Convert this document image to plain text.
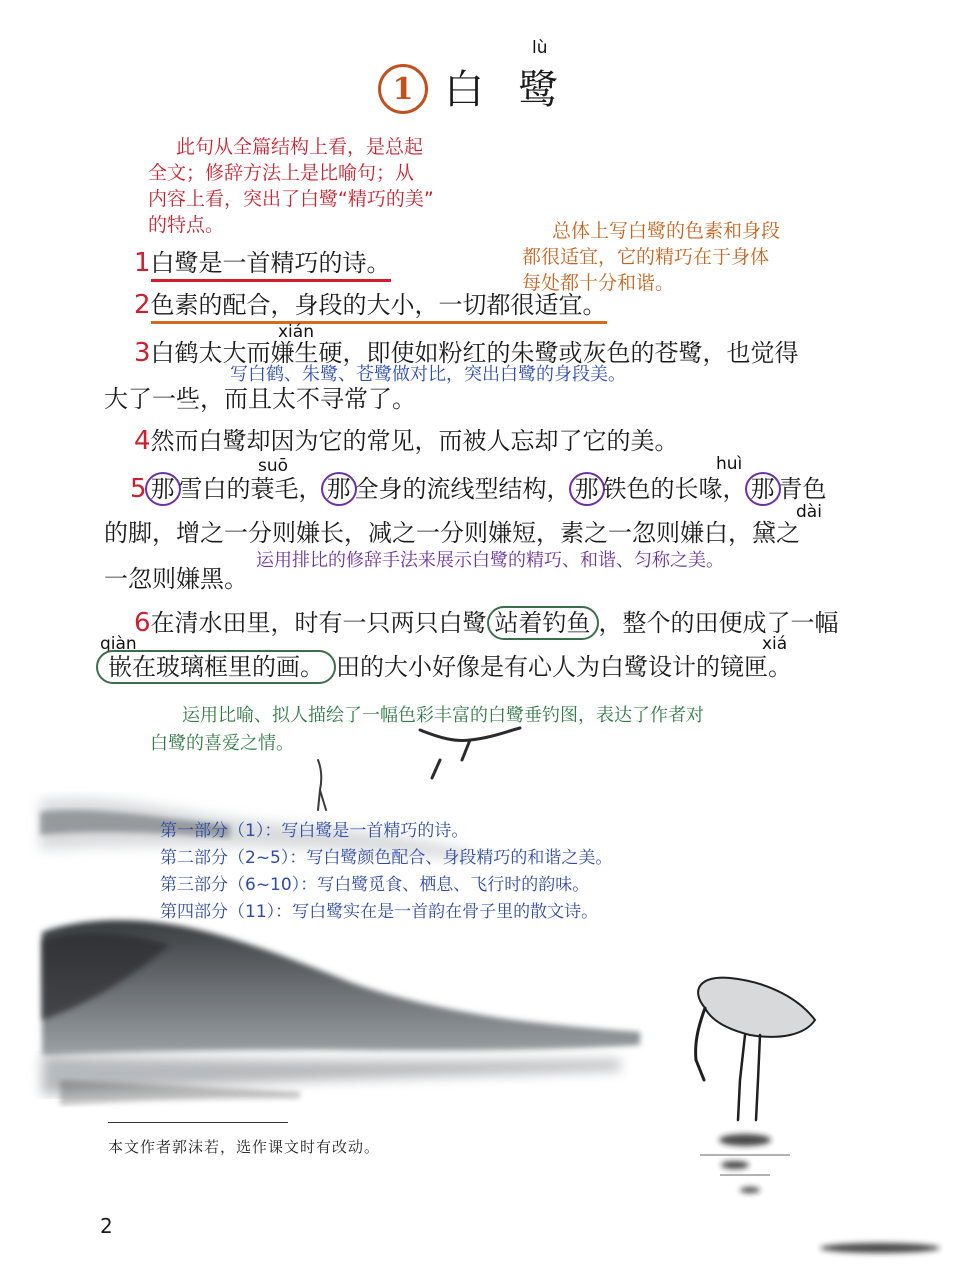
1
lù
白鹭
此句从全篇结构上看，是总起
全文；修辞方法上是比喻句；从
内容上看，突出了白鹭“精巧的美”
的特点。	总体上写白鹭的色素和身段
都很适宜，它的精巧在于身体
每处都十分和谐。
1白鹭是一首精巧的诗。
2色素的配合，身段的大小，一切都很适宜。
xián
3白鹤太大而嫌生硬，即使如粉红的朱鹭或灰色的苍鹭，也觉得
写白鹤、朱鹭、苍鹭做对比，突出白鹭的身段美。
大了一些，而且太不寻常了。
4然而白鹭却因为它的常见，而被人忘却了它的美。
suō	huì
5 那 雪白的蓑毛， 那 全身的流线型结构， 那 铁色的长喙， 那 青色
dài
的脚，增之一分则嫌长，减之一分则嫌短，素之一忽则嫌白，黛之
运用排比的修辞手法来展示白鹭的精巧、和谐、匀称之美。
一忽则嫌黑。
6在清水田里，时有一只两只白鹭 站着钓鱼 ，整个的田便成了一幅
qiàn	xiá
嵌在玻璃框里的画。 田的大小好像是有心人为白鹭设计的镜匣。
运用比喻、拟人描绘了一幅色彩丰富的白鹭垂钓图，表达了作者对
白鹭的喜爱之情。
第一部分（1）：写白鹭是一首精巧的诗。
第二部分（2~5）：写白鹭颜色配合、身段精巧的和谐之美。
第三部分（6~10）：写白鹭觅食、栖息、飞行时的韵味。
第四部分（11）：写白鹭实在是一首韵在骨子里的散文诗。
本文作者郭沫若，选作课文时有改动。
2
